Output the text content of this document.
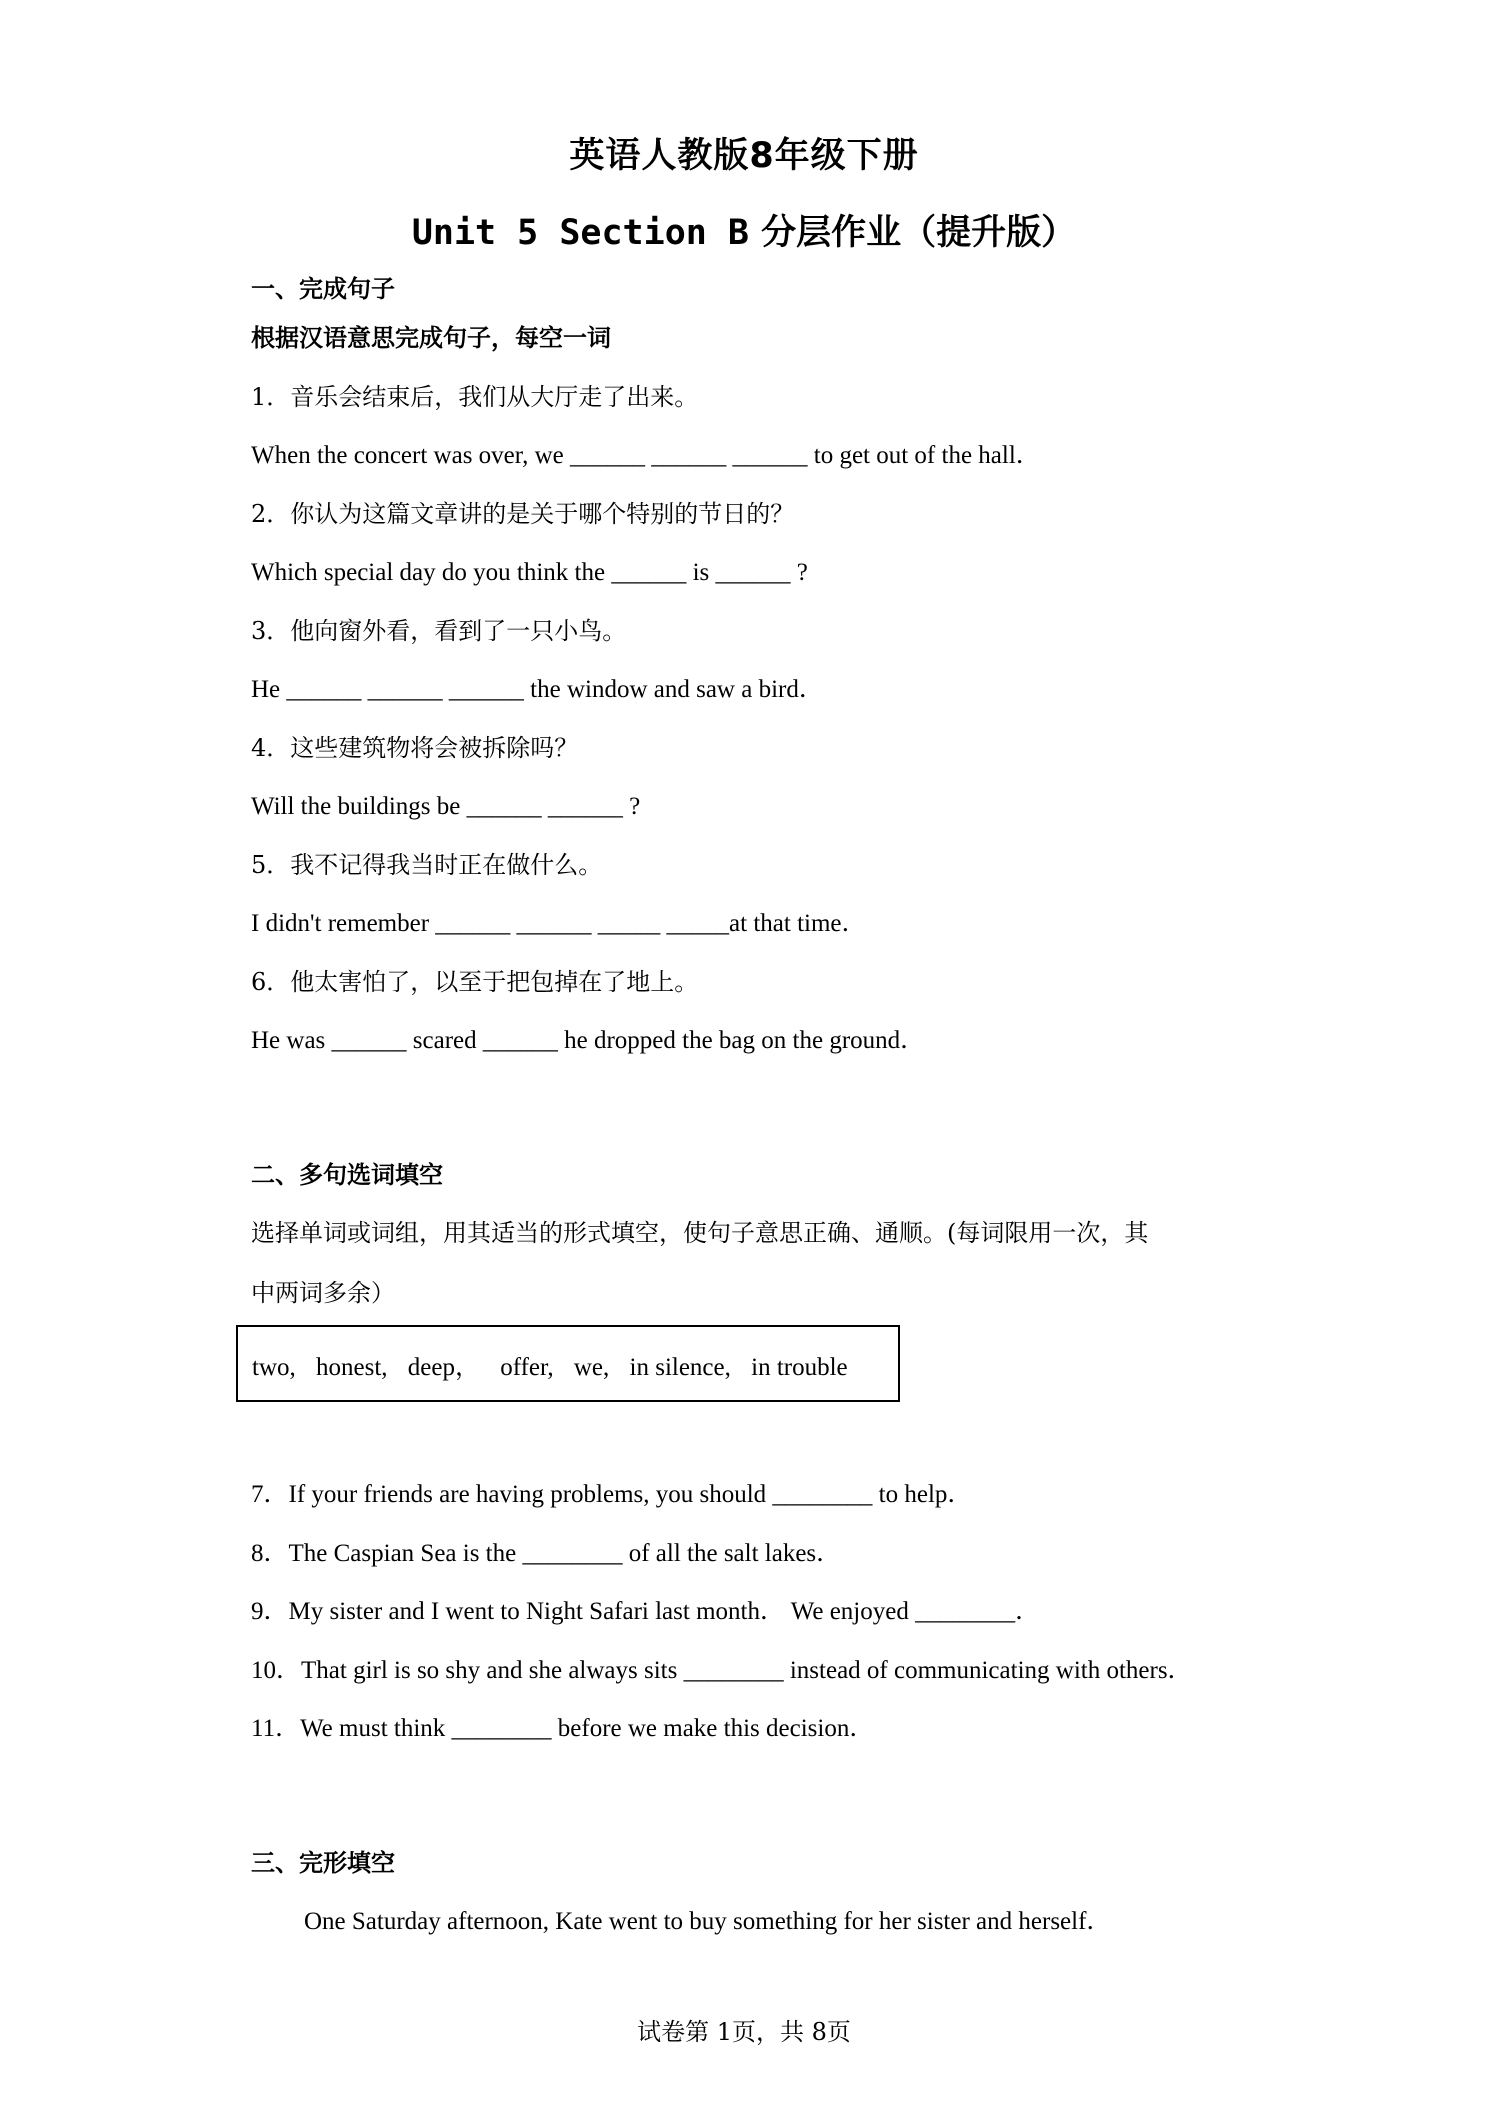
英语人教版8年级下册
Unit 5 Section B 分层作业（提升版）
一、完成句子
根据汉语意思完成句子，每空一词
1．音乐会结束后，我们从大厅走了出来。
When the concert was over, we ______ ______ ______ to get out of the hall．
2．你认为这篇文章讲的是关于哪个特别的节日的？
Which special day do you think the ______ is ______ ?
3．他向窗外看，看到了一只小鸟。
He ______ ______ ______ the window and saw a bird．
4．这些建筑物将会被拆除吗？
Will the buildings be ______ ______ ?
5．我不记得我当时正在做什么。
I didn't remember ______ ______ _____ _____at that time．
6．他太害怕了，以至于把包掉在了地上。
He was ______ scared ______ he dropped the bag on the ground．
二、多句选词填空
选择单词或词组，用其适当的形式填空，使句子意思正确、通顺。(每词限用一次，其
中两词多余）
two, honest, deep， offer, we, in silence, in trouble
7．If your friends are having problems, you should ________ to help．
8．The Caspian Sea is the ________ of all the salt lakes．
9．My sister and I went to Night Safari last month． We enjoyed ________．
10．That girl is so shy and she always sits ________ instead of communicating with others．
11．We must think ________ before we make this decision．
三、完形填空
One Saturday afternoon, Kate went to buy something for her sister and herself．
试卷第 1页，共 8页
